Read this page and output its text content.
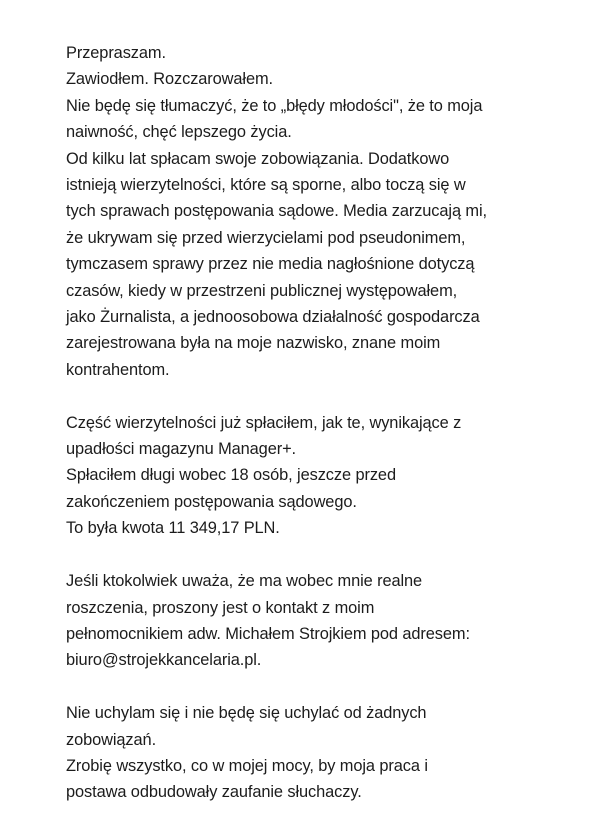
Przepraszam.
Zawiodłem. Rozczarowałem.
Nie będę się tłumaczyć, że to „błędy młodości", że to moja
naiwność, chęć lepszego życia.
Od kilku lat spłacam swoje zobowiązania. Dodatkowo
istnieją wierzytelności, które są sporne, albo toczą się w
tych sprawach postępowania sądowe. Media zarzucają mi,
że ukrywam się przed wierzycielami pod pseudonimem,
tymczasem sprawy przez nie media nagłośnione dotyczą
czasów, kiedy w przestrzeni publicznej występowałem,
jako Żurnalista, a jednoosobowa działalność gospodarcza
zarejestrowana była na moje nazwisko, znane moim
kontrahentom.

Część wierzytelności już spłaciłem, jak te, wynikające z
upadłości magazynu Manager+.
Spłaciłem długi wobec 18 osób, jeszcze przed
zakończeniem postępowania sądowego.
To była kwota 11 349,17 PLN.

Jeśli ktokolwiek uważa, że ma wobec mnie realne
roszczenia, proszony jest o kontakt z moim
pełnomocnikiem adw. Michałem Strojkiem pod adresem:
biuro@strojekkancelaria.pl.

Nie uchylam się i nie będę się uchylać od żadnych
zobowiązań.
Zrobię wszystko, co w mojej mocy, by moja praca i
postawa odbudowały zaufanie słuchaczy.
